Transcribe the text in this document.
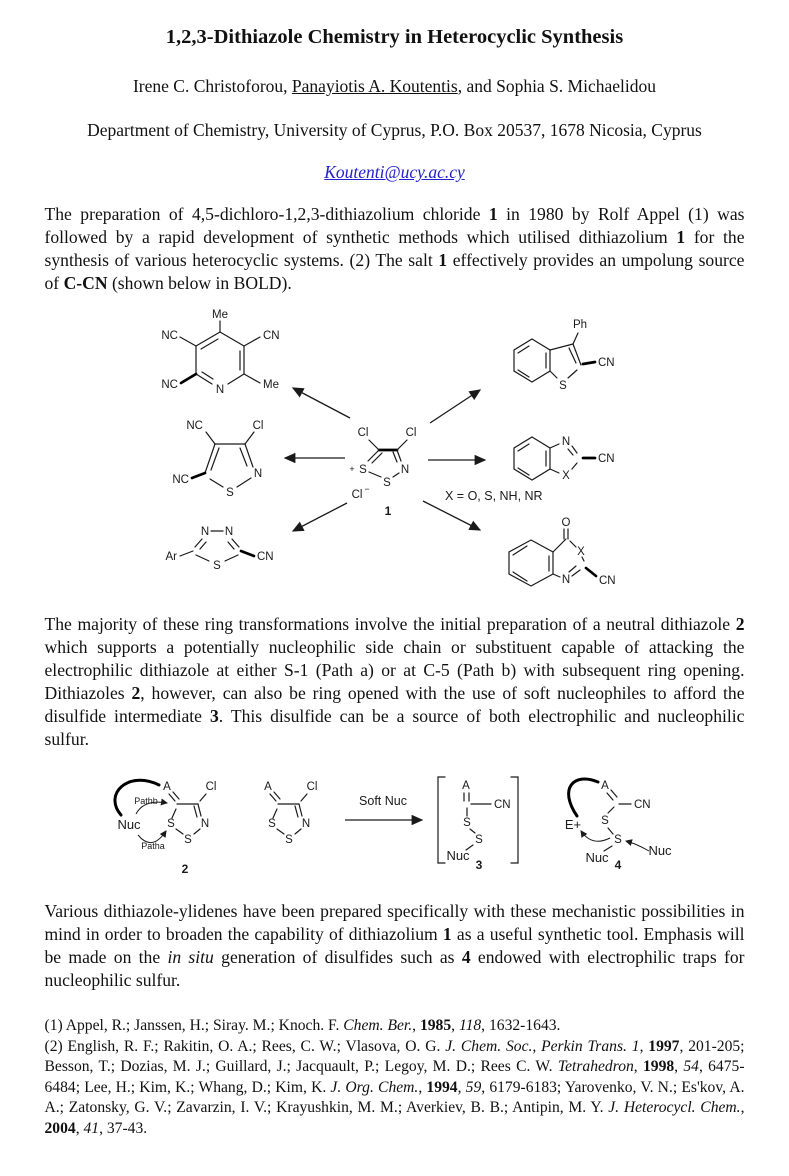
1,2,3-Dithiazole Chemistry in Heterocyclic Synthesis

Irene C. Christoforou, Panayiotis A. Koutentis, and Sophia S. Michaelidou

Department of Chemistry, University of Cyprus, P.O. Box 20537, 1678 Nicosia, Cyprus

Koutenti@ucy.ac.cy

The preparation of 4,5-dichloro-1,2,3-dithiazolium chloride 1 in 1980 by Rolf Appel (1) was followed by a rapid development of synthetic methods which utilised dithiazolium 1 for the synthesis of various heterocyclic systems. (2) The salt 1 effectively provides an umpolung source of C-CN (shown below in BOLD).

Cl	Cl
+ S
S
N
Cl −
1
Me
CN
Me
NC
NC
N
NC	Cl
NC
S
N
N N
S
Ar	CN
Ph
S
CN
N
X
CN
X = O, S, NH, NR
O
X
N	CN

The majority of these ring transformations involve the initial preparation of a neutral dithiazole 2 which supports a potentially nucleophilic side chain or substituent capable of attacking the electrophilic dithiazole at either S-1 (Path a) or at C-5 (Path b) with subsequent ring opening. Dithiazoles 2, however, can also be ring opened with the use of soft nucleophiles to afford the disulfide intermediate 3. This disulfide can be a source of both electrophilic and nucleophilic sulfur.

A	Cl
Nuc
Pathb
Patha
S
S
N
2
A	Cl
S
S
N
Soft Nuc
A
CN
S
S
Nuc
3
E+
A
CN
S
S
Nuc	Nuc
4

Various dithiazole-ylidenes have been prepared specifically with these mechanistic possibilities in mind in order to broaden the capability of dithiazolium 1 as a useful synthetic tool. Emphasis will be made on the in situ generation of disulfides such as 4 endowed with electrophilic traps for nucleophilic sulfur.

(1) Appel, R.; Janssen, H.; Siray. M.; Knoch. F. Chem. Ber., 1985, 118, 1632-1643.

(2) English, R. F.; Rakitin, O. A.; Rees, C. W.; Vlasova, O. G. J. Chem. Soc., Perkin Trans. 1, 1997, 201-205; Besson, T.; Dozias, M. J.; Guillard, J.; Jacquault, P.; Legoy, M. D.; Rees C. W. Tetrahedron, 1998, 54, 6475-6484; Lee, H.; Kim, K.; Whang, D.; Kim, K. J. Org. Chem., 1994, 59, 6179-6183; Yarovenko, V. N.; Es'kov, A. A.; Zatonsky, G. V.; Zavarzin, I. V.; Krayushkin, M. M.; Averkiev, B. B.; Antipin, M. Y. J. Heterocycl. Chem., 2004, 41, 37-43.
